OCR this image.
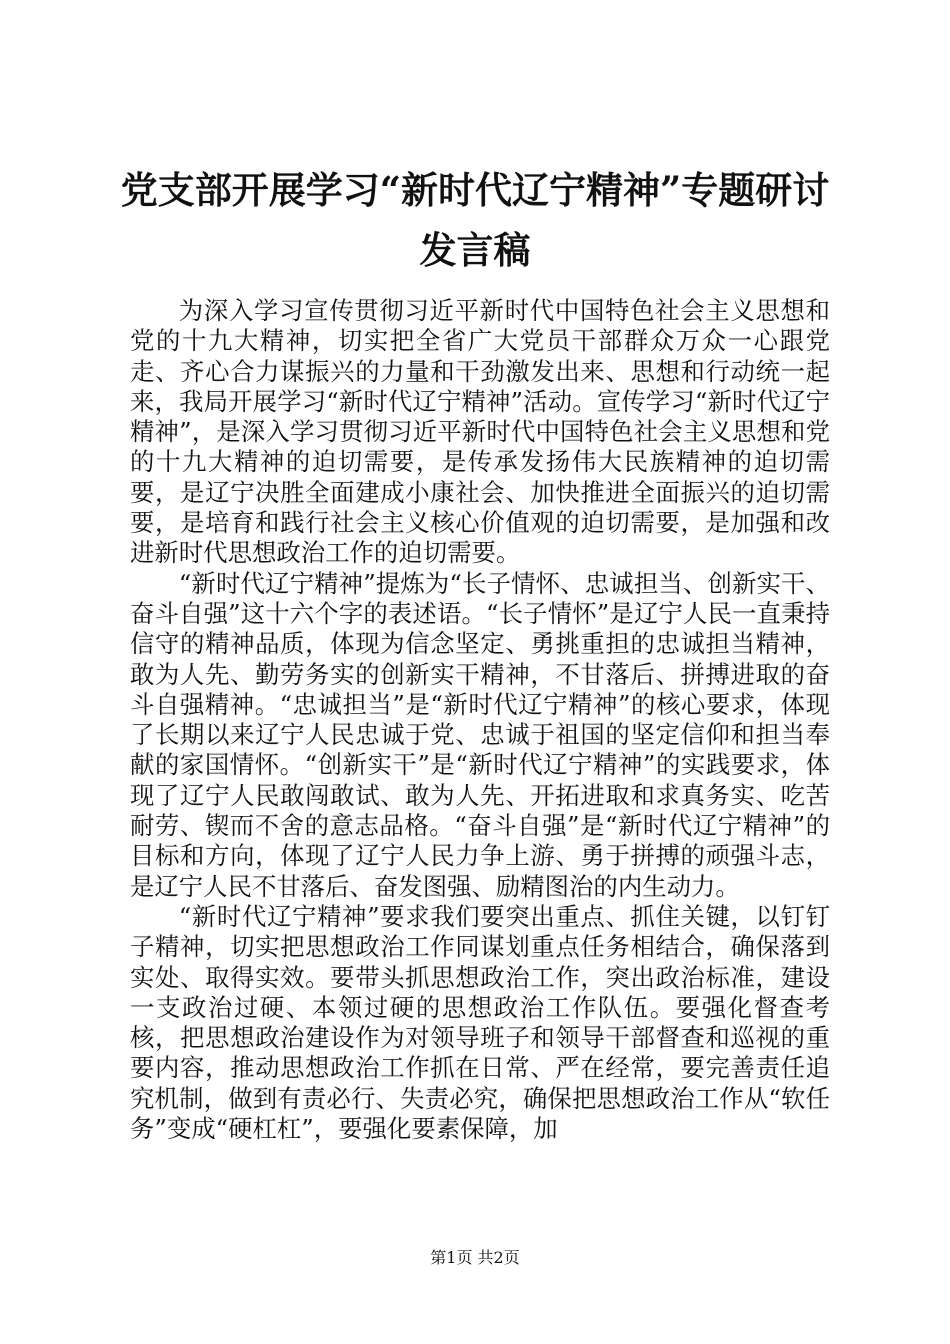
党支部开展学习“新时代辽宁精神”专题研讨发言稿

为深入学习宣传贯彻习近平新时代中国特色社会主义思想和党的十九大精神，切实把全省广大党员干部群众万众一心跟党走、齐心合力谋振兴的力量和干劲激发出来、思想和行动统一起来，我局开展学习“新时代辽宁精神”活动。宣传学习“新时代辽宁精神”，是深入学习贯彻习近平新时代中国特色社会主义思想和党的十九大精神的迫切需要，是传承发扬伟大民族精神的迫切需要，是辽宁决胜全面建成小康社会、加快推进全面振兴的迫切需要，是培育和践行社会主义核心价值观的迫切需要，是加强和改进新时代思想政治工作的迫切需要。

“新时代辽宁精神”提炼为“长子情怀、忠诚担当、创新实干、奋斗自强”这十六个字的表述语。“长子情怀”是辽宁人民一直秉持信守的精神品质，体现为信念坚定、勇挑重担的忠诚担当精神，敢为人先、勤劳务实的创新实干精神，不甘落后、拼搏进取的奋斗自强精神。“忠诚担当”是“新时代辽宁精神”的核心要求，体现了长期以来辽宁人民忠诚于党、忠诚于祖国的坚定信仰和担当奉献的家国情怀。“创新实干”是“新时代辽宁精神”的实践要求，体现了辽宁人民敢闯敢试、敢为人先、开拓进取和求真务实、吃苦耐劳、锲而不舍的意志品格。“奋斗自强”是“新时代辽宁精神”的目标和方向，体现了辽宁人民力争上游、勇于拼搏的顽强斗志，是辽宁人民不甘落后、奋发图强、励精图治的内生动力。

“新时代辽宁精神”要求我们要突出重点、抓住关键，以钉钉子精神，切实把思想政治工作同谋划重点任务相结合，确保落到实处、取得实效。要带头抓思想政治工作，突出政治标准，建设一支政治过硬、本领过硬的思想政治工作队伍。要强化督查考核，把思想政治建设作为对领导班子和领导干部督查和巡视的重要内容，推动思想政治工作抓在日常、严在经常，要完善责任追究机制，做到有责必行、失责必究，确保把思想政治工作从“软任务”变成“硬杠杠”，要强化要素保障，加

第1页 共2页
